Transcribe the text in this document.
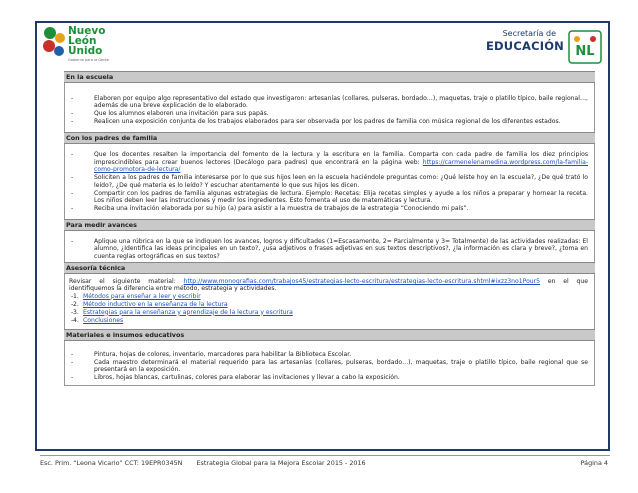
Nuevo
León
Unido
Gobierno para la Gente
Secretaría de
EDUCACIÓN NL
En la escuela
- Elaboren por equipo algo representativo del estado que investigaron: artesanías (collares, pulseras, bordado…), maquetas, traje o platillo típico, baile regional…, además de una breve explicación de lo elaborado.
- Que los alumnos elaboren una invitación para sus papás.
- Realicen una exposición conjunta de los trabajos elaborados para ser observada por los padres de familia con música regional de los diferentes estados.
Con los padres de familia
- Que los docentes resalten la importancia del fomento de la lectura y la escritura en la familia. Comparta con cada padre de familia los diez principios imprescindibles para crear buenos lectores (Decálogo para padres) que encontrará en la página web: https://carmenelenamedina.wordpress.com/la-familia-como-promotora-de-lectura/
- Soliciten a los padres de familia interesarse por lo que sus hijos leen en la escuela haciéndole preguntas como: ¿Qué leíste hoy en la escuela?, ¿De qué trató lo leído?, ¿De qué materia es lo leído? Y escuchar atentamente lo que sus hijos les dicen.
- Compartir con los padres de familia algunas estrategias de lectura. Ejemplo: Recetas: Elija recetas simples y ayude a los niños a preparar y hornear la receta. Los niños deben leer las instrucciones y medir los ingredientes. Esto fomenta el uso de matemáticas y lectura.
- Reciba una invitación elaborada por su hijo (a) para asistir a la muestra de trabajos de la estrategia “Conociendo mi país”.
Para medir avances
- Aplique una rúbrica en la que se indiquen los avances, logros y dificultades (1=Escasamente, 2= Parcialmente y 3= Totalmente) de las actividades realizadas: El alumno, ¿Identifica las ideas principales en un texto?, ¿usa adjetivos o frases adjetivas en sus textos descriptivos?, ¿la información es clara y breve?, ¿toma en cuenta reglas ortográficas en sus textos?
Asesoría técnica
Revisar el siguiente material: http://www.monografias.com/trabajos45/estrategias-lecto-escritura/estrategias-lecto-escritura.shtml#ixzz3no1Pour5 en el que identifiquemos la diferencia entre método, estrategia y actividades.
- 1. Métodos para enseñar a leer y escribir
- 2. Método inductivo en la enseñanza de la lectura
- 3. Estrategias para la enseñanza y aprendizaje de la lectura y escritura
- 4. Conclusiones
Materiales e insumos educativos
- Pintura, hojas de colores, inventario, marcadores para habilitar la Biblioteca Escolar.
- Cada maestro determinará el material requerido para las artesanías (collares, pulseras, bordado…), maquetas, traje o platillo típico, baile regional que se presentará en la exposición.
- Libros, hojas blancas, cartulinas, colores para elaborar las invitaciones y llevar a cabo la exposición.
Esc. Prim. “Leona Vicario” CCT: 19EPR0345N Estrategia Global para la Mejora Escolar 2015 - 2016	Página 4
